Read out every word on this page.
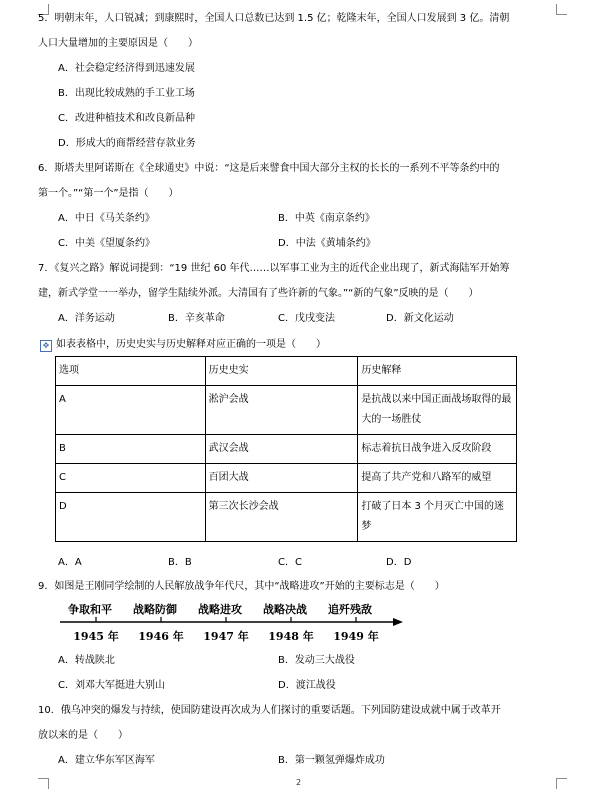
5．明朝末年，人口锐减；到康熙时，全国人口总数已达到 1.5 亿；乾隆末年，全国人口发展到 3 亿。清朝
人口大量增加的主要原因是（　　）
A．社会稳定经济得到迅速发展
B．出现比较成熟的手工业工场
C．改进种植技术和改良新品种
D．形成大的商帮经营存款业务
6．斯塔夫里阿诺斯在《全球通史》中说：“这是后来譬食中国大部分主权的长长的一系列不平等条约中的
第一个。”“第一个”是指（　　）
A．中日《马关条约》	B．中英《南京条约》
C．中美《望厦条约》	D．中法《黄埔条约》
7．《复兴之路》解说词提到：“19 世纪 60 年代……以军事工业为主的近代企业出现了，新式海陆军开始筹
建，新式学堂一一举办，留学生陆续外派。大清国有了些许新的气象。”“新的气象”反映的是（　　）
A．洋务运动	B．辛亥革命	C．戊戌变法	D．新文化运动
✥ 如表表格中，历史史实与历史解释对应正确的一项是（　　）
选项	历史史实	历史解释
A	淞沪会战	是抗战以来中国正面战场取得的最大的一场胜仗
B	武汉会战	标志着抗日战争进入反攻阶段
C	百团大战	提高了共产党和八路军的威望
D	第三次长沙会战	打破了日本 3 个月灭亡中国的迷梦
A．A	B．B	C．C	D．D
9．如图是王刚同学绘制的人民解放战争年代尺，其中“战略进攻”开始的主要标志是（　　）
争取和平 战略防御 战略进攻 战略决战 追歼残敌
1945 年 1946 年 1947 年 1948 年 1949 年
A．转战陕北	B．发动三大战役
C．刘邓大军挺进大别山	D．渡江战役
10．俄乌冲突的爆发与持续，使国防建设再次成为人们探讨的重要话题。下列国防建设成就中属于改革开
放以来的是（　　）
A．建立华东军区海军	B．第一颗氢弹爆炸成功
2
